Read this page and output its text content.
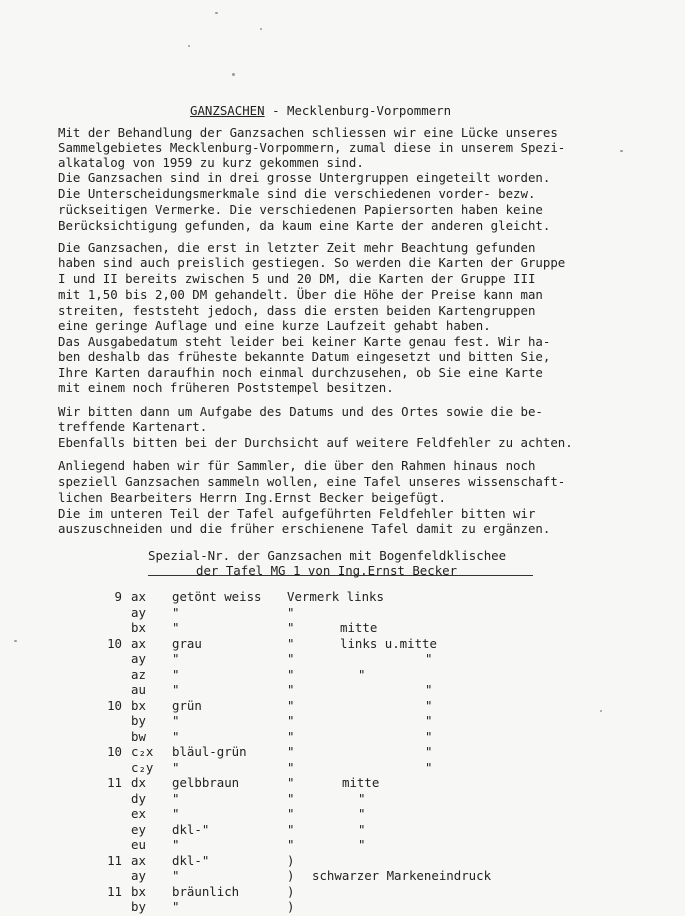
GANZSACHEN - Mecklenburg-Vorpommern
Mit der Behandlung der Ganzsachen schliessen wir eine Lücke unseres
Sammelgebietes Mecklenburg-Vorpommern, zumal diese in unserem Spezi-
alkatalog von 1959 zu kurz gekommen sind.
Die Ganzsachen sind in drei grosse Untergruppen eingeteilt worden.
Die Unterscheidungsmerkmale sind die verschiedenen vorder- bezw.
rückseitigen Vermerke. Die verschiedenen Papiersorten haben keine
Berücksichtigung gefunden, da kaum eine Karte der anderen gleicht.
Die Ganzsachen, die erst in letzter Zeit mehr Beachtung gefunden
haben sind auch preislich gestiegen. So werden die Karten der Gruppe
I und II bereits zwischen 5 und 20 DM, die Karten der Gruppe III
mit 1,50 bis 2,00 DM gehandelt. Über die Höhe der Preise kann man
streiten, feststeht jedoch, dass die ersten beiden Kartengruppen
eine geringe Auflage und eine kurze Laufzeit gehabt haben.
Das Ausgabedatum steht leider bei keiner Karte genau fest. Wir ha-
ben deshalb das früheste bekannte Datum eingesetzt und bitten Sie,
Ihre Karten daraufhin noch einmal durchzusehen, ob Sie eine Karte
mit einem noch früheren Poststempel besitzen.
Wir bitten dann um Aufgabe des Datums und des Ortes sowie die be-
treffende Kartenart.
Ebenfalls bitten bei der Durchsicht auf weitere Feldfehler zu achten.
Anliegend haben wir für Sammler, die über den Rahmen hinaus noch
speziell Ganzsachen sammeln wollen, eine Tafel unseres wissenschaft-
lichen Bearbeiters Herrn Ing.Ernst Becker beigefügt.
Die im unteren Teil der Tafel aufgeführten Feldfehler bitten wir
auszuschneiden und die früher erschienene Tafel damit zu ergänzen.
Spezial-Nr. der Ganzsachen mit Bogenfeldklischee
der Tafel MG 1 von Ing.Ernst Becker
9 ax getönt weiss Vermerk links
ay "	"
bx "	"	mitte
10 ax grau	"	links u.mitte
ay "	"	"
az "	"	"
au "	"	"
10 bx grün	"	"
by "	"	"
bw "	"	"
10 c₂x bläul-grün	"	"
c₂y "	"	"
11 dx gelbbraun	"	mitte
dy "	"	"
ex "	"	"
ey dkl-"	"	"
eu "	"	"
11 ax dkl-"	)
ay "	) schwarzer Markeneindruck
11 bx bräunlich	)
by "	)
